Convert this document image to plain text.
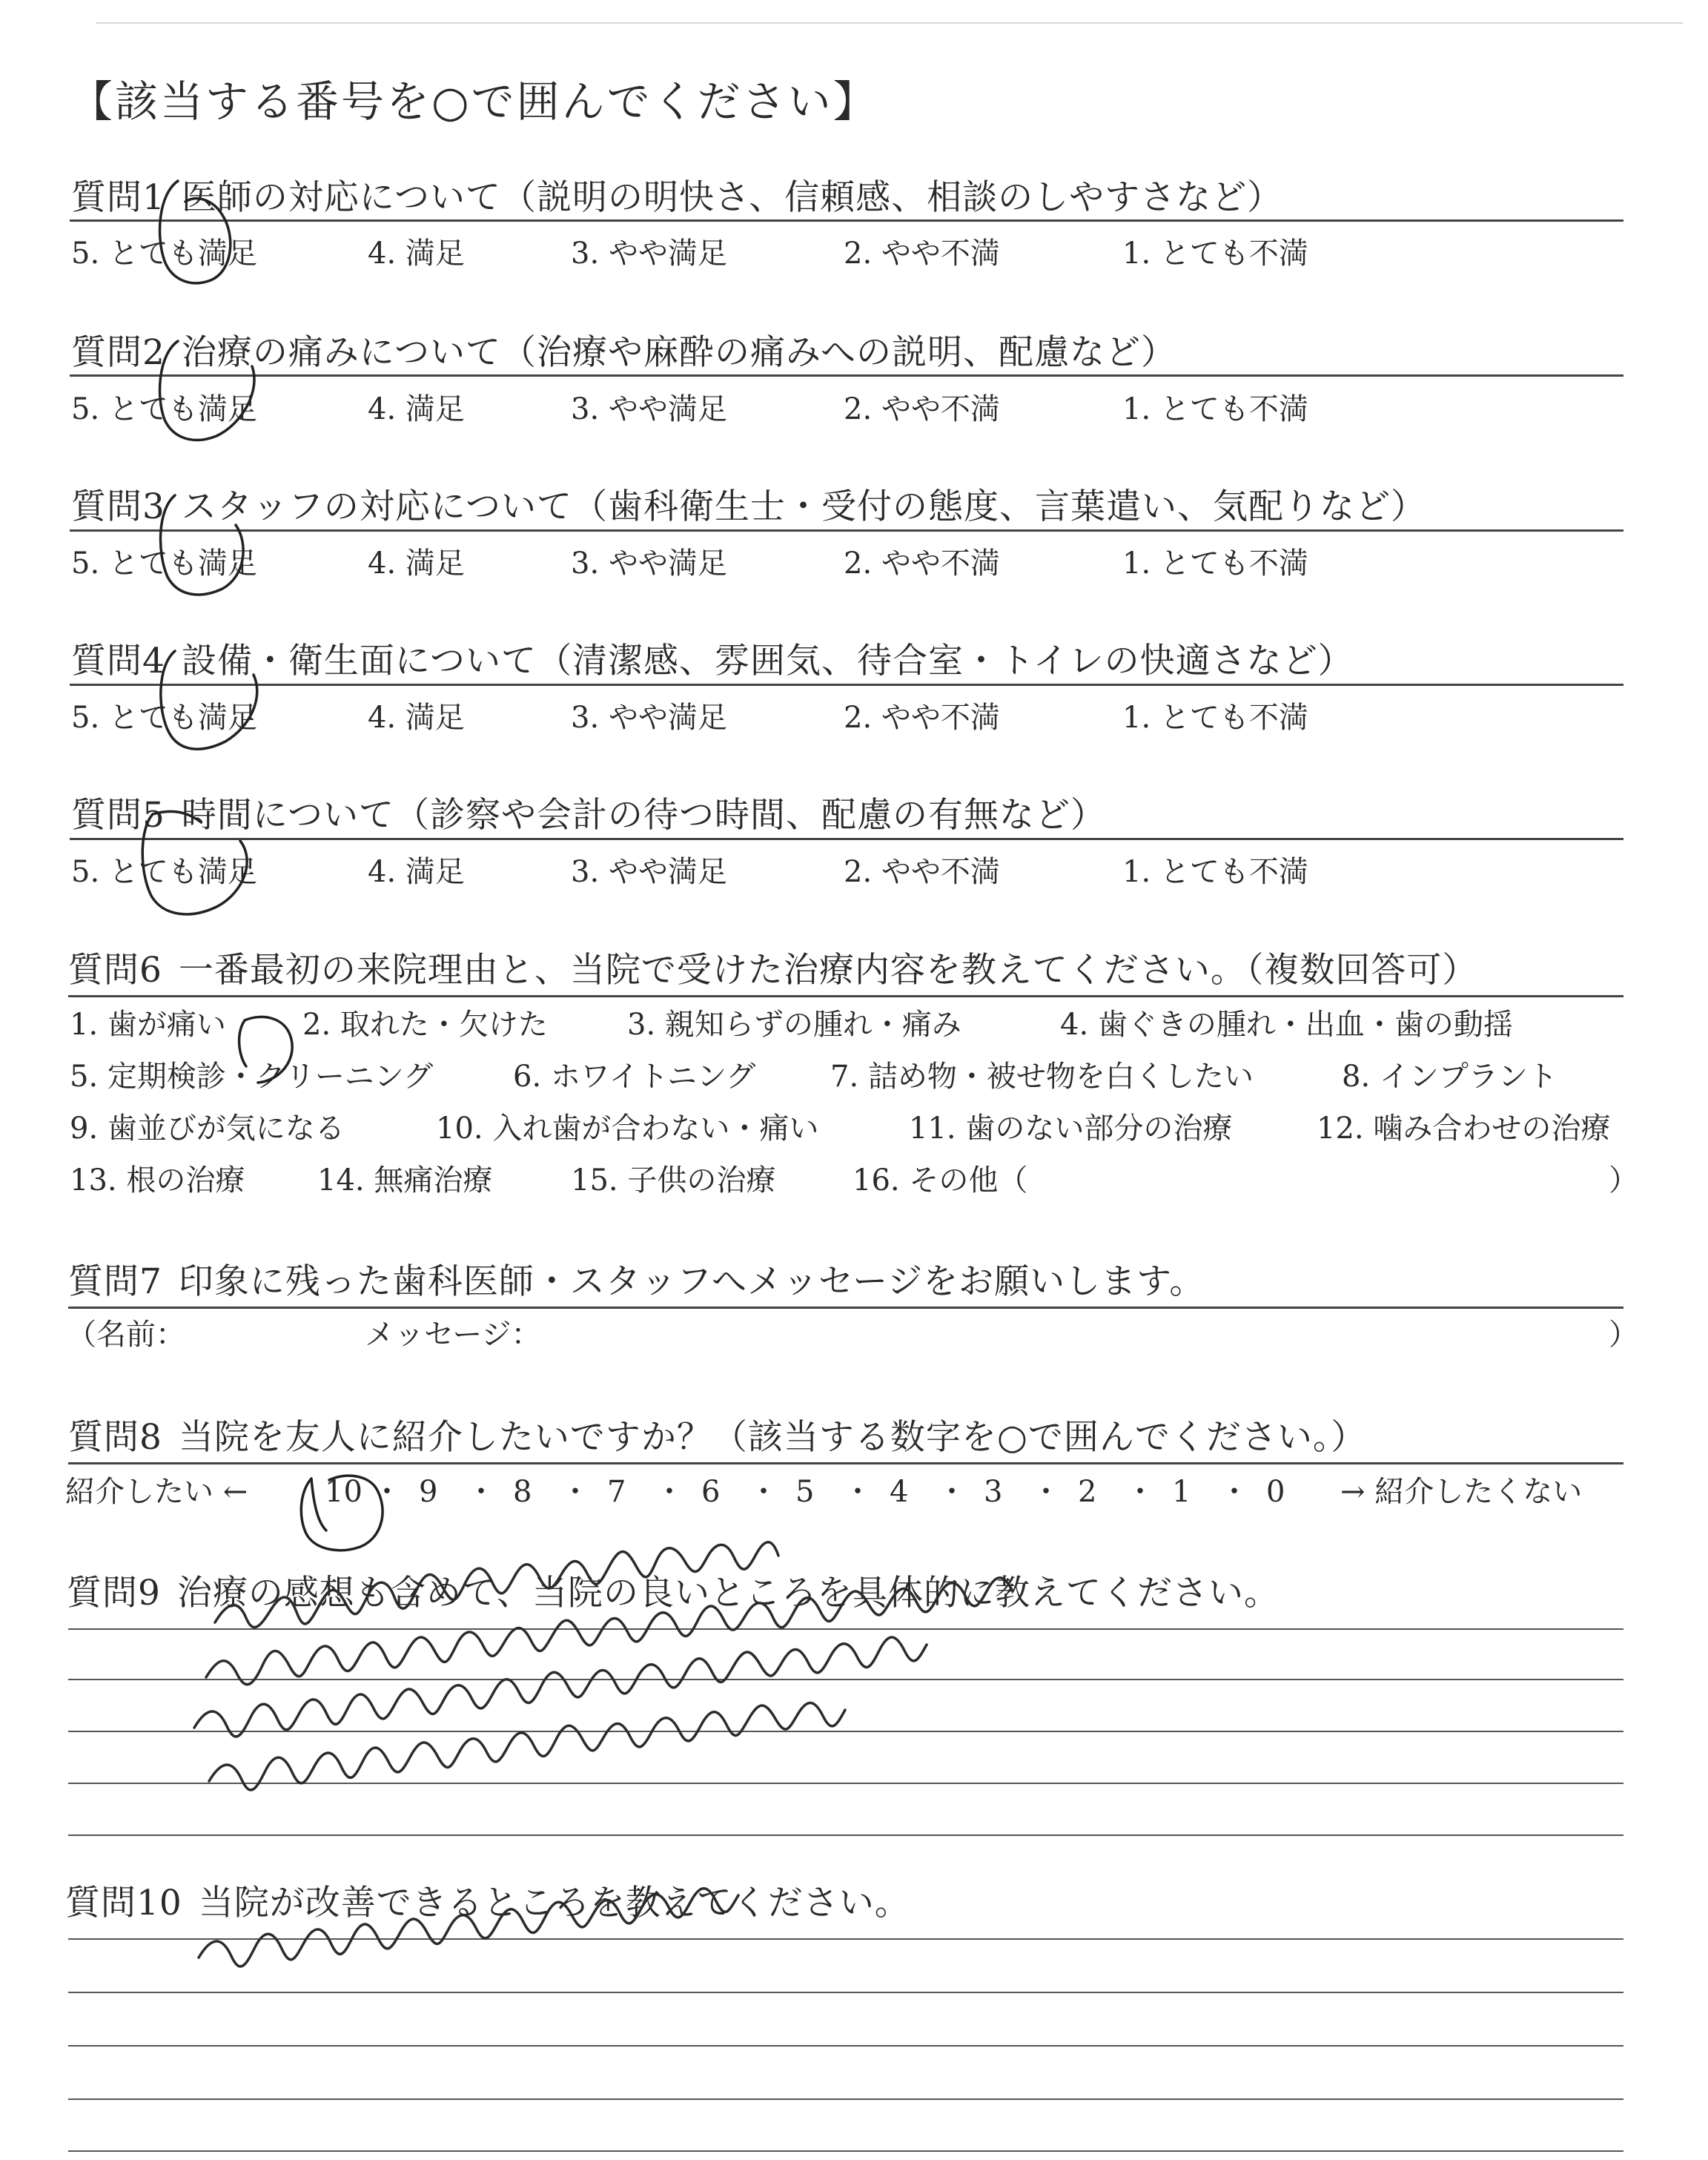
【該当する番号を○で囲んでください】
質問1 医師の対応について（説明の明快さ、信頼感、相談のしやすさなど）
5. とても満足	4. 満足	3. やや満足	2. やや不満	1. とても不満
質問2 治療の痛みについて（治療や麻酔の痛みへの説明、配慮など）
5. とても満足	4. 満足	3. やや満足	2. やや不満	1. とても不満
質問3 スタッフの対応について（歯科衛生士・受付の態度、言葉遣い、気配りなど）
5. とても満足	4. 満足	3. やや満足	2. やや不満	1. とても不満
質問4 設備・衛生面について（清潔感、雰囲気、待合室・トイレの快適さなど）
5. とても満足	4. 満足	3. やや満足	2. やや不満	1. とても不満
質問5 時間について（診察や会計の待つ時間、配慮の有無など）
5. とても満足	4. 満足	3. やや満足	2. やや不満	1. とても不満
質問6 一番最初の来院理由と、当院で受けた治療内容を教えてください。（複数回答可）
1. 歯が痛い	2. 取れた・欠けた	3. 親知らずの腫れ・痛み	4. 歯ぐきの腫れ・出血・歯の動揺
5. 定期検診・クリーニング	6. ホワイトニング	7. 詰め物・被せ物を白くしたい	8. インプラント
9. 歯並びが気になる	10. 入れ歯が合わない・痛い	11. 歯のない部分の治療	12. 噛み合わせの治療
13. 根の治療 14. 無痛治療	15. 子供の治療	16. その他（	）
質問7 印象に残った歯科医師・スタッフへメッセージをお願いします。
（名前：	メッセージ：	）
質問8 当院を友人に紹介したいですか？（該当する数字を○で囲んでください。）
紹介したい ←	→ 紹介したくない
10 ・ 9 ・ 8 ・ 7 ・ 6 ・ 5 ・ 4 ・ 3 ・ 2 ・ 1 ・ 0
質問9 治療の感想も含めて、当院の良いところを具体的に教えてください。
質問10 当院が改善できるところを教えてください。
